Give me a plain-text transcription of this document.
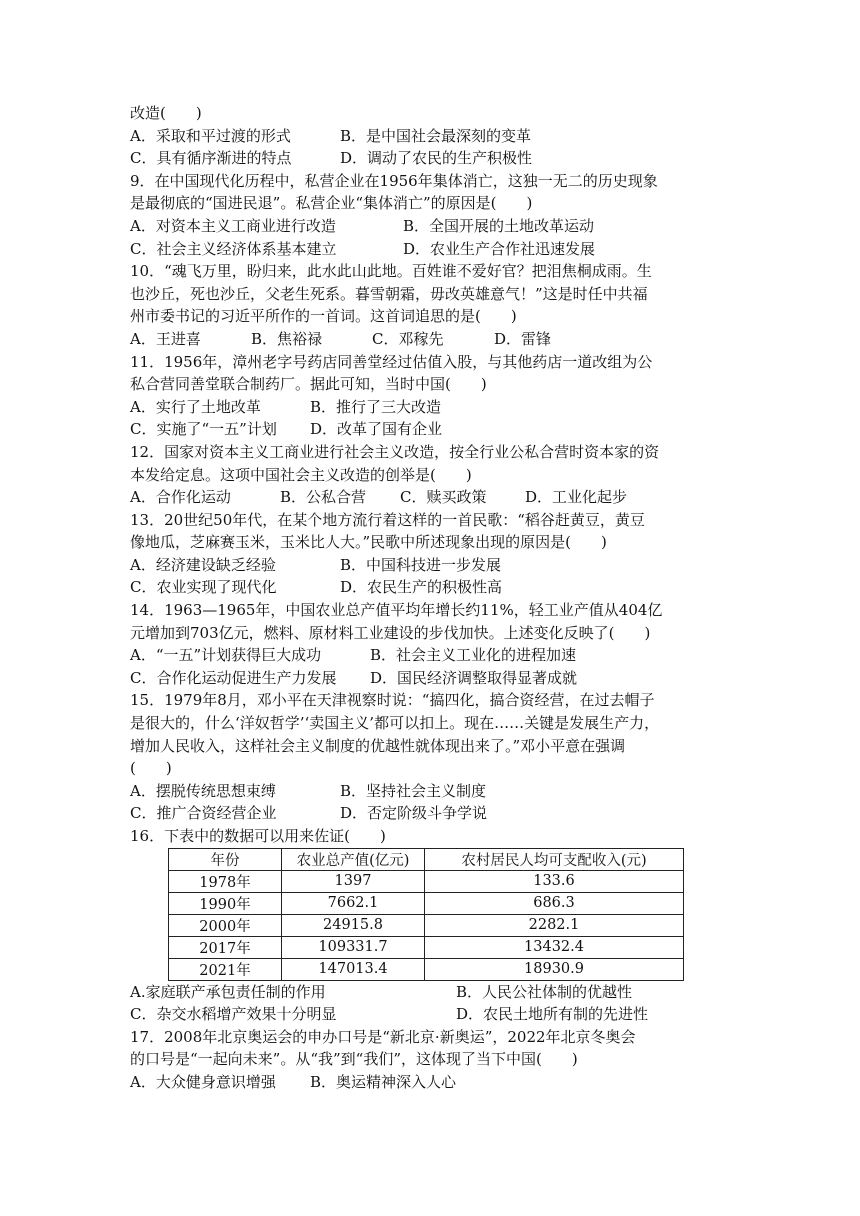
改造(　　)
A．采取和平过渡的形式	B．是中国社会最深刻的变革
C．具有循序渐进的特点	D．调动了农民的生产积极性
9．在中国现代化历程中，私营企业在1956年集体消亡，这独一无二的历史现象
是最彻底的“国进民退”。私营企业“集体消亡”的原因是(　　)
A．对资本主义工商业进行改造	B．全国开展的土地改革运动
C．社会主义经济体系基本建立	D．农业生产合作社迅速发展
10．“魂飞万里，盼归来，此水此山此地。百姓谁不爱好官？把泪焦桐成雨。生
也沙丘，死也沙丘，父老生死系。暮雪朝霜，毋改英雄意气！”这是时任中共福
州市委书记的习近平所作的一首词。这首词追思的是(　　)
A．王进喜	B．焦裕禄	C．邓稼先	D．雷锋
11．1956年，漳州老字号药店同善堂经过估值入股，与其他药店一道改组为公
私合营同善堂联合制药厂。据此可知，当时中国(　　)
A．实行了土地改革	B．推行了三大改造
C．实施了“一五”计划	D．改革了国有企业
12．国家对资本主义工商业进行社会主义改造，按全行业公私合营时资本家的资
本发给定息。这项中国社会主义改造的创举是(　　)
A．合作化运动	B．公私合营	C．赎买政策	D．工业化起步
13．20世纪50年代，在某个地方流行着这样的一首民歌：“稻谷赶黄豆，黄豆
像地瓜，芝麻赛玉米，玉米比人大。”民歌中所述现象出现的原因是(　　)
A．经济建设缺乏经验	B．中国科技进一步发展
C．农业实现了现代化	D．农民生产的积极性高
14．1963—1965年，中国农业总产值平均年增长约11%，轻工业产值从404亿
元增加到703亿元，燃料、原材料工业建设的步伐加快。上述变化反映了(　　)
A．“一五”计划获得巨大成功	B．社会主义工业化的进程加速
C．合作化运动促进生产力发展	D．国民经济调整取得显著成就
15．1979年8月，邓小平在天津视察时说：“搞四化，搞合资经营，在过去帽子
是很大的，什么‘洋奴哲学’‘卖国主义’都可以扣上。现在……关键是发展生产力，
增加人民收入，这样社会主义制度的优越性就体现出来了。”邓小平意在强调
(　　)
A．摆脱传统思想束缚	B．坚持社会主义制度
C．推广合资经营企业	D．否定阶级斗争学说
16．下表中的数据可以用来佐证(　　)
年份	农业总产值(亿元)	农村居民人均可支配收入(元)
1978年	1397	133.6
1990年	7662.1	686.3
2000年	24915.8	2282.1
2017年	109331.7	13432.4
2021年	147013.4	18930.9
A.家庭联产承包责任制的作用	B．人民公社体制的优越性
C．杂交水稻增产效果十分明显	D．农民土地所有制的先进性
17．2008年北京奥运会的申办口号是“新北京·新奥运”，2022年北京冬奥会
的口号是“一起向未来”。从“我”到“我们”，这体现了当下中国(　　)
A．大众健身意识增强	B．奥运精神深入人心
